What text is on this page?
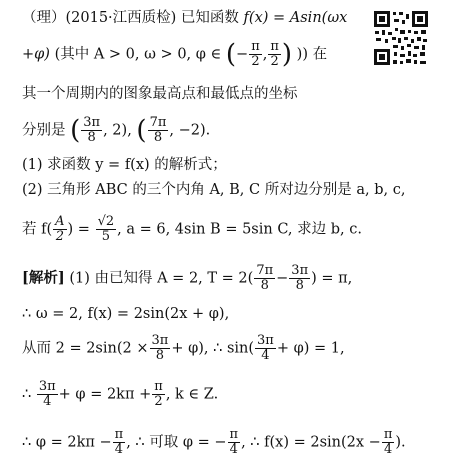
（理）(2015·江西质检) 已知函数 f(x) = Asin(ωx
+φ) (其中 A > 0, ω > 0, φ ∈ (− $\frac{\pi}{2}$ , $\frac{\pi}{2}$ ) )) 在
其一个周期内的图象最高点和最低点的坐标
分别是 ( $\frac{3\pi}{8}$ , 2), ( $\frac{7\pi}{8}$ , −2).
(1) 求函数 y = f(x) 的解析式；
(2) 三角形 ABC 的三个内角 A, B, C 所对边分别是 a, b, c,
若 $f( \frac{A}{2}$ ) = $\frac{√2}{5}$ , a = 6, 4sin B = 5sin C, 求边 b, c.
[解析] (1) 由已知得 A = 2, $T = 2( \frac{7\pi}{8} - \frac{3\pi}{8}$ ) = π,
∴ ω = 2, f(x) = 2sin(2x + φ),
从而 $2 = 2\sin(2 \times \frac{3\pi}{8} + \varphi)$, ∴ $\sin( \frac{3\pi}{4} + \varphi) = 1$,
∴ $\frac{3\pi}{4} + \varphi = 2k\pi + \frac{\pi}{2}$ , k ∈ Z.
∴ $\varphi = 2k\pi - \frac{\pi}{4}$ , ∴ 可取 φ = − $\frac{\pi}{4}$ , ∴ $f(x) = 2\sin(2x - \frac{\pi}{4}$ ).
